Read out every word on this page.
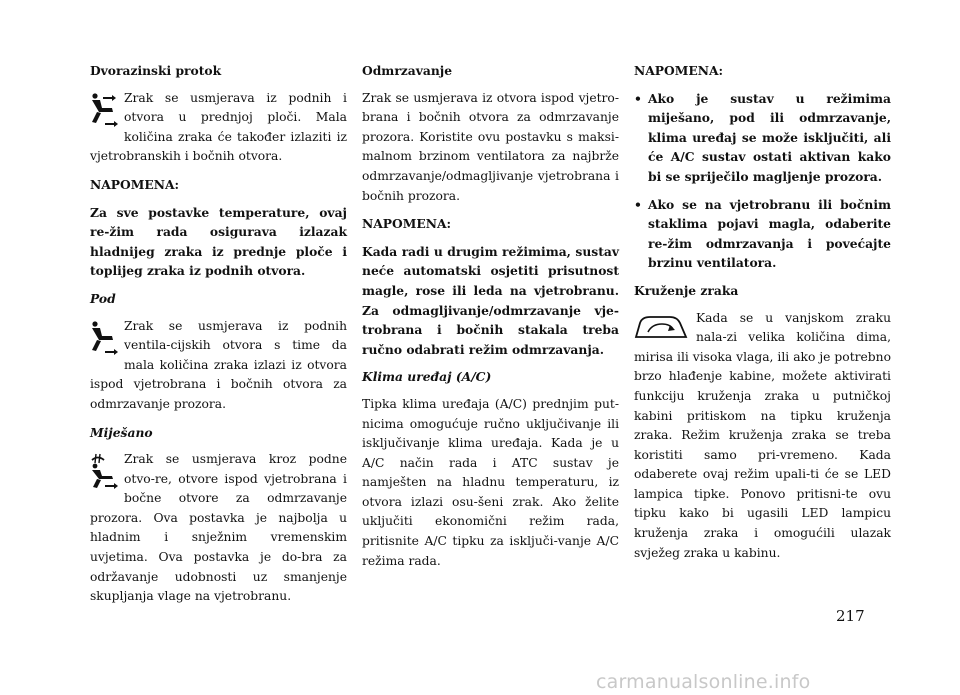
Dvorazinski protok
Zrak se usmjerava iz podnih i otvora u prednjoj ploči. Mala količina zraka će također izlaziti iz vjetrobranskih i bočnih otvora.
NAPOMENA:
Za sve postavke temperature, ovaj re-žim rada osigurava izlazak hladnijeg zraka iz prednje ploče i toplijeg zraka iz podnih otvora.
Pod
Zrak se usmjerava iz podnih ventila-cijskih otvora s time da mala količina zraka izlazi iz otvora ispod vjetrobrana i bočnih otvora za odmrzavanje prozora.
Miješano
Zrak se usmjerava kroz podne otvo-re, otvore ispod vjetrobrana i bočne otvore za odmrzavanje prozora. Ova postavka je najbolja u hladnim i snježnim vremenskim uvjetima. Ova postavka je do-bra za održavanje udobnosti uz smanjenje skupljanja vlage na vjetrobranu.
Odmrzavanje
Zrak se usmjerava iz otvora ispod vjetro-brana i bočnih otvora za odmrzavanje prozora. Koristite ovu postavku s maksi-malnom brzinom ventilatora za najbrže odmrzavanje/odmagljivanje vjetrobrana i bočnih prozora.
NAPOMENA:
Kada radi u drugim režimima, sustav neće automatski osjetiti prisutnost magle, rose ili leda na vjetrobranu. Za odmagljivanje/odmrzavanje vje-trobrana i bočnih stakala treba ručno odabrati režim odmrzavanja.
Klima uređaj (A/C)
Tipka klima uređaja (A/C) prednjim put-nicima omogućuje ručno uključivanje ili isključivanje klima uređaja. Kada je u A/C način rada i ATC sustav je namješten na hladnu temperaturu, iz otvora izlazi osu-šeni zrak. Ako želite uključiti ekonomični režim rada, pritisnite A/C tipku za isključi-vanje A/C režima rada.
NAPOMENA:
• Ako je sustav u režimima miješano, pod ili odmrzavanje, klima uređaj se može isključiti, ali će A/C sustav ostati aktivan kako bi se spriječilo magljenje prozora.
• Ako se na vjetrobranu ili bočnim staklima pojavi magla, odaberite re-žim odmrzavanja i povećajte brzinu ventilatora.
Kruženje zraka
Kada se u vanjskom zraku nala-zi velika količina dima, mirisa ili visoka vlaga, ili ako je potrebno brzo hlađenje kabine, možete aktivirati funkciju kruženja zraka u putničkoj kabini pritiskom na tipku kruženja zraka. Režim kruženja zraka se treba koristiti samo pri-vremeno. Kada odaberete ovaj režim upali-ti će se LED lampica tipke. Ponovo pritisni-te ovu tipku kako bi ugasili LED lampicu kruženja zraka i omogućili ulazak svježeg zraka u kabinu.
217
carmanualsonline.info
